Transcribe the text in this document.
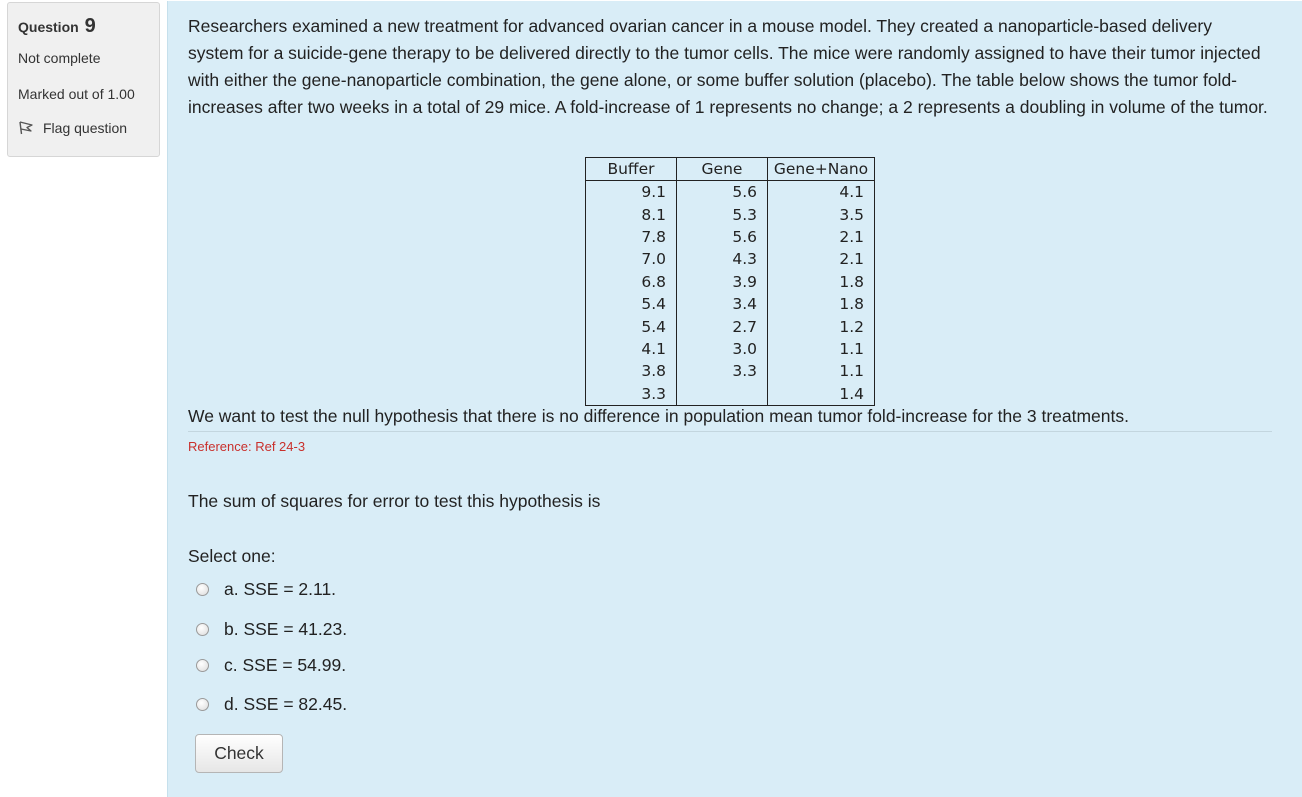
Question 9
Not complete
Marked out of 1.00
Flag question
Researchers examined a new treatment for advanced ovarian cancer in a mouse model. They created a nanoparticle-based delivery system for a suicide-gene therapy to be delivered directly to the tumor cells. The mice were randomly assigned to have their tumor injected with either the gene-nanoparticle combination, the gene alone, or some buffer solution (placebo). The table below shows the tumor fold-increases after two weeks in a total of 29 mice. A fold-increase of 1 represents no change; a 2 represents a doubling in volume of the tumor.
Buffer	Gene	Gene+Nano
9.1	5.6	4.1
8.1	5.3	3.5
7.8	5.6	2.1
7.0	4.3	2.1
6.8	3.9	1.8
5.4	3.4	1.8
5.4	2.7	1.2
4.1	3.0	1.1
3.8	3.3	1.1
3.3		1.4
We want to test the null hypothesis that there is no difference in population mean tumor fold-increase for the 3 treatments.
Reference: Ref 24-3
The sum of squares for error to test this hypothesis is
Select one:
a. SSE = 2.11.
b. SSE = 41.23.
c. SSE = 54.99.
d. SSE = 82.45.
Check
